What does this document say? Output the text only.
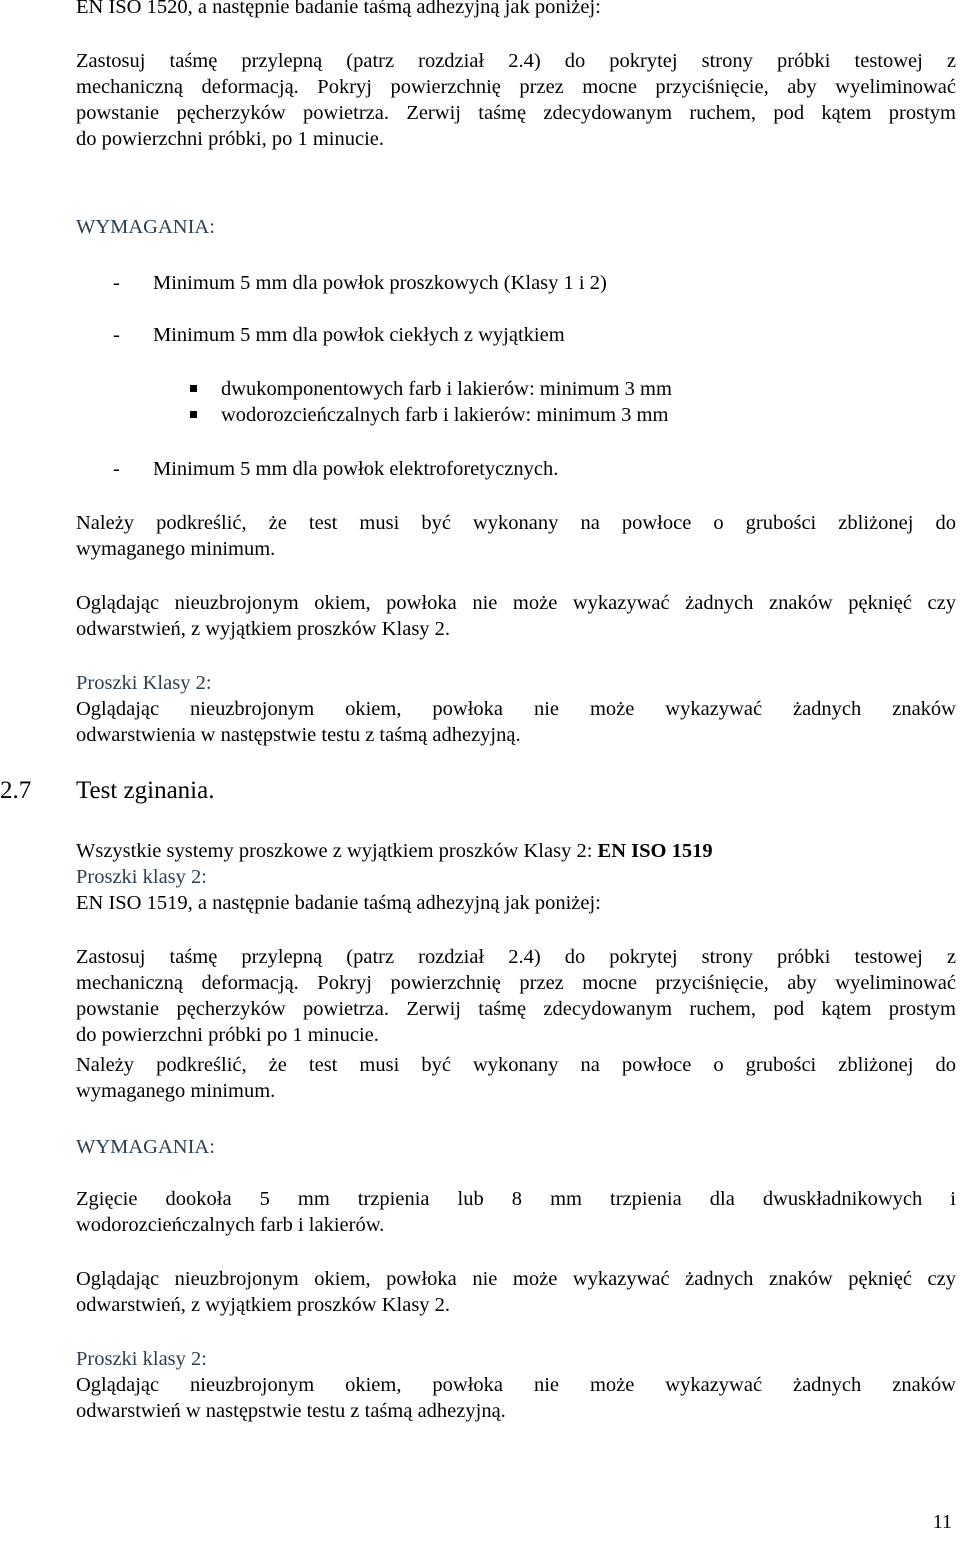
EN ISO 1520, a następnie badanie taśmą adhezyjną jak poniżej:
Zastosuj taśmę przylepną (patrz rozdział 2.4) do pokrytej strony próbki testowej z
mechaniczną deformacją. Pokryj powierzchnię przez mocne przyciśnięcie, aby wyeliminować
powstanie pęcherzyków powietrza. Zerwij taśmę zdecydowanym ruchem, pod kątem prostym
do powierzchni próbki, po 1 minucie.
WYMAGANIA:
- Minimum 5 mm dla powłok proszkowych (Klasy 1 i 2)
- Minimum 5 mm dla powłok ciekłych z wyjątkiem
dwukomponentowych farb i lakierów: minimum 3 mm
wodorozcieńczalnych farb i lakierów: minimum 3 mm
- Minimum 5 mm dla powłok elektroforetycznych.
Należy podkreślić, że test musi być wykonany na powłoce o grubości zbliżonej do
wymaganego minimum.
Oglądając nieuzbrojonym okiem, powłoka nie może wykazywać żadnych znaków pęknięć czy
odwarstwień, z wyjątkiem proszków Klasy 2.
Proszki Klasy 2:
Oglądając nieuzbrojonym okiem, powłoka nie może wykazywać żadnych znaków
odwarstwienia w następstwie testu z taśmą adhezyjną.
2.7 Test zginania.
Wszystkie systemy proszkowe z wyjątkiem proszków Klasy 2: EN ISO 1519
Proszki klasy 2:
EN ISO 1519, a następnie badanie taśmą adhezyjną jak poniżej:
Zastosuj taśmę przylepną (patrz rozdział 2.4) do pokrytej strony próbki testowej z
mechaniczną deformacją. Pokryj powierzchnię przez mocne przyciśnięcie, aby wyeliminować
powstanie pęcherzyków powietrza. Zerwij taśmę zdecydowanym ruchem, pod kątem prostym
do powierzchni próbki po 1 minucie.
Należy podkreślić, że test musi być wykonany na powłoce o grubości zbliżonej do
wymaganego minimum.
WYMAGANIA:
Zgięcie dookoła 5 mm trzpienia lub 8 mm trzpienia dla dwuskładnikowych i
wodorozcieńczalnych farb i lakierów.
Oglądając nieuzbrojonym okiem, powłoka nie może wykazywać żadnych znaków pęknięć czy
odwarstwień, z wyjątkiem proszków Klasy 2.
Proszki klasy 2:
Oglądając nieuzbrojonym okiem, powłoka nie może wykazywać żadnych znaków
odwarstwień w następstwie testu z taśmą adhezyjną.
11
